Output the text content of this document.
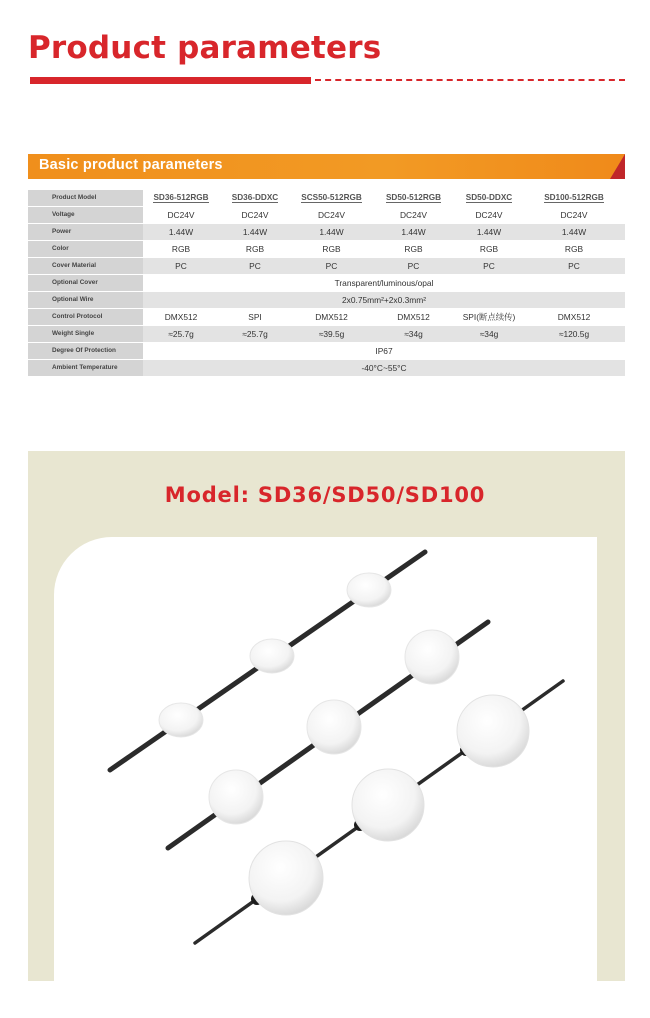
Product parameters
Basic product parameters
Product Model	SD36-512RGB	SD36-DDXC	SCS50-512RGB	SD50-512RGB	SD50-DDXC	SD100-512RGB
Voltage	DC24V	DC24V	DC24V	DC24V	DC24V	DC24V
Power	1.44W	1.44W	1.44W	1.44W	1.44W	1.44W
Color	RGB	RGB	RGB	RGB	RGB	RGB
Cover Material	PC	PC	PC	PC	PC	PC
Optional Cover	Transparent/luminous/opal					
Optional Wire	2x0.75mm²+2x0.3mm²					
Control Protocol	DMX512	SPI	DMX512	DMX512	SPI(断点续传)	DMX512
Weight Single	≈25.7g	≈25.7g	≈39.5g	≈34g	≈34g	≈120.5g
Degree Of Protection	IP67					
Ambient Temperature	-40°C~55°C					
Model: SD36/SD50/SD100
